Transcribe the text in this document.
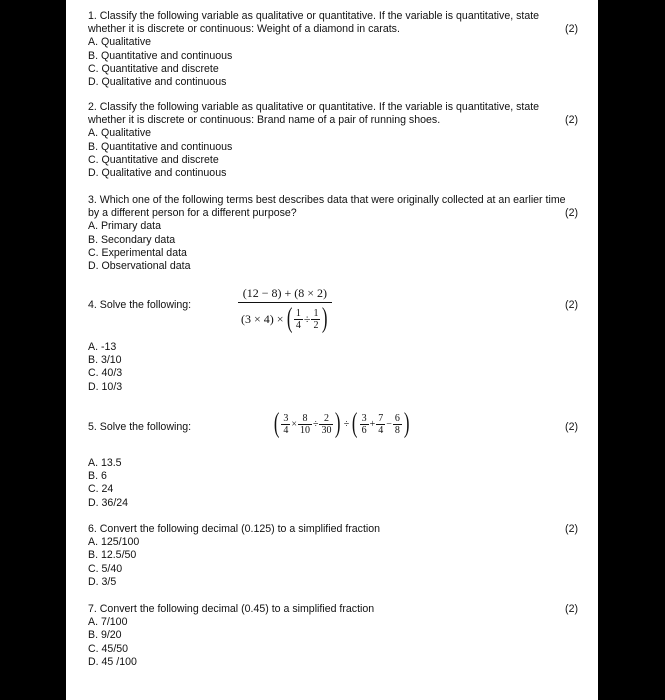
1. Classify the following variable as qualitative or quantitative. If the variable is quantitative, state whether it is discrete or continuous: Weight of a diamond in carats.	(2)
A. Qualitative
B. Quantitative and continuous
C. Quantitative and discrete
D. Qualitative and continuous

2. Classify the following variable as qualitative or quantitative. If the variable is quantitative, state whether it is discrete or continuous: Brand name of a pair of running shoes.	(2)
A. Qualitative
B. Quantitative and continuous
C. Quantitative and discrete
D. Qualitative and continuous

3. Which one of the following terms best describes data that were originally collected at an earlier time by a different person for a different purpose?	(2)
A. Primary data
B. Secondary data
C. Experimental data
D. Observational data

4. Solve the following:	(2)
$\frac{(12 - 8) + (8 \times 2)}{(3 \times 4) \times ( \frac{1}{4} \div \frac{1}{2} )}$
A. -13
B. 3/10
C. 40/3
D. 10/3

5. Solve the following:	(2)
( $\frac{3}{4} \times \frac{8}{10} \div \frac{2}{30}$ ) ÷ ( $\frac{3}{6} + \frac{7}{4} - \frac{6}{8}$ )
A. 13.5
B. 6
C. 24
D. 36/24

6. Convert the following decimal (0.125) to a simplified fraction	(2)
A. 125/100
B. 12.5/50
C. 5/40
D. 3/5

7. Convert the following decimal (0.45) to a simplified fraction	(2)
A. 7/100
B. 9/20
C. 45/50
D. 45 /100
